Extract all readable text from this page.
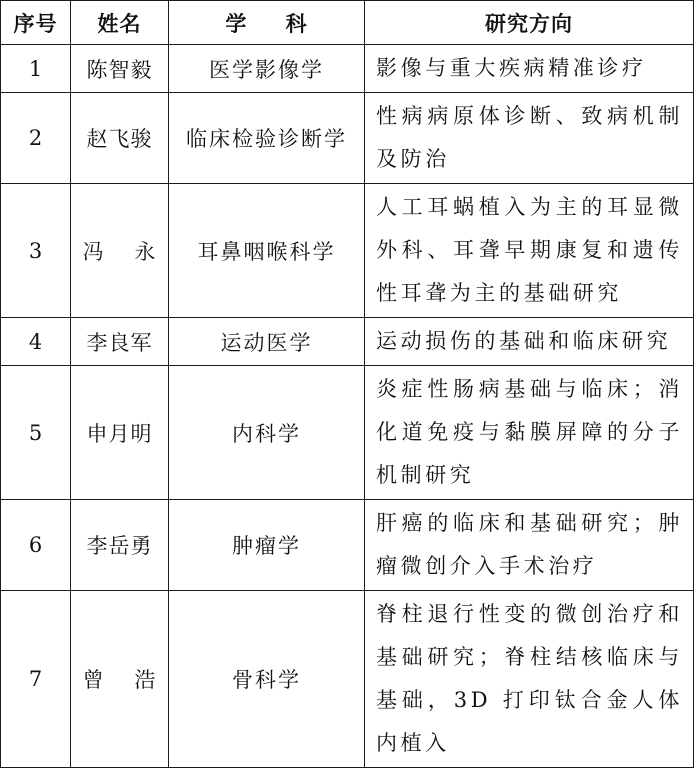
序号	姓名	学 科	研究方向
1	陈智毅	医学影像学	影像与重大疾病精准诊疗
2	赵飞骏	临床检验诊断学	性病病原体诊断、致病机制及防治
3	冯 永	耳鼻咽喉科学	人工耳蜗植入为主的耳显微外科、耳聋早期康复和遗传性耳聋为主的基础研究
4	李良军	运动医学	运动损伤的基础和临床研究
5	申月明	内科学	炎症性肠病基础与临床；消化道免疫与黏膜屏障的分子机制研究
6	李岳勇	肿瘤学	肝癌的临床和基础研究；肿瘤微创介入手术治疗
7	曾 浩	骨科学	脊柱退行性变的微创治疗和基础研究；脊柱结核临床与基础，3D 打印钛合金人体内植入
